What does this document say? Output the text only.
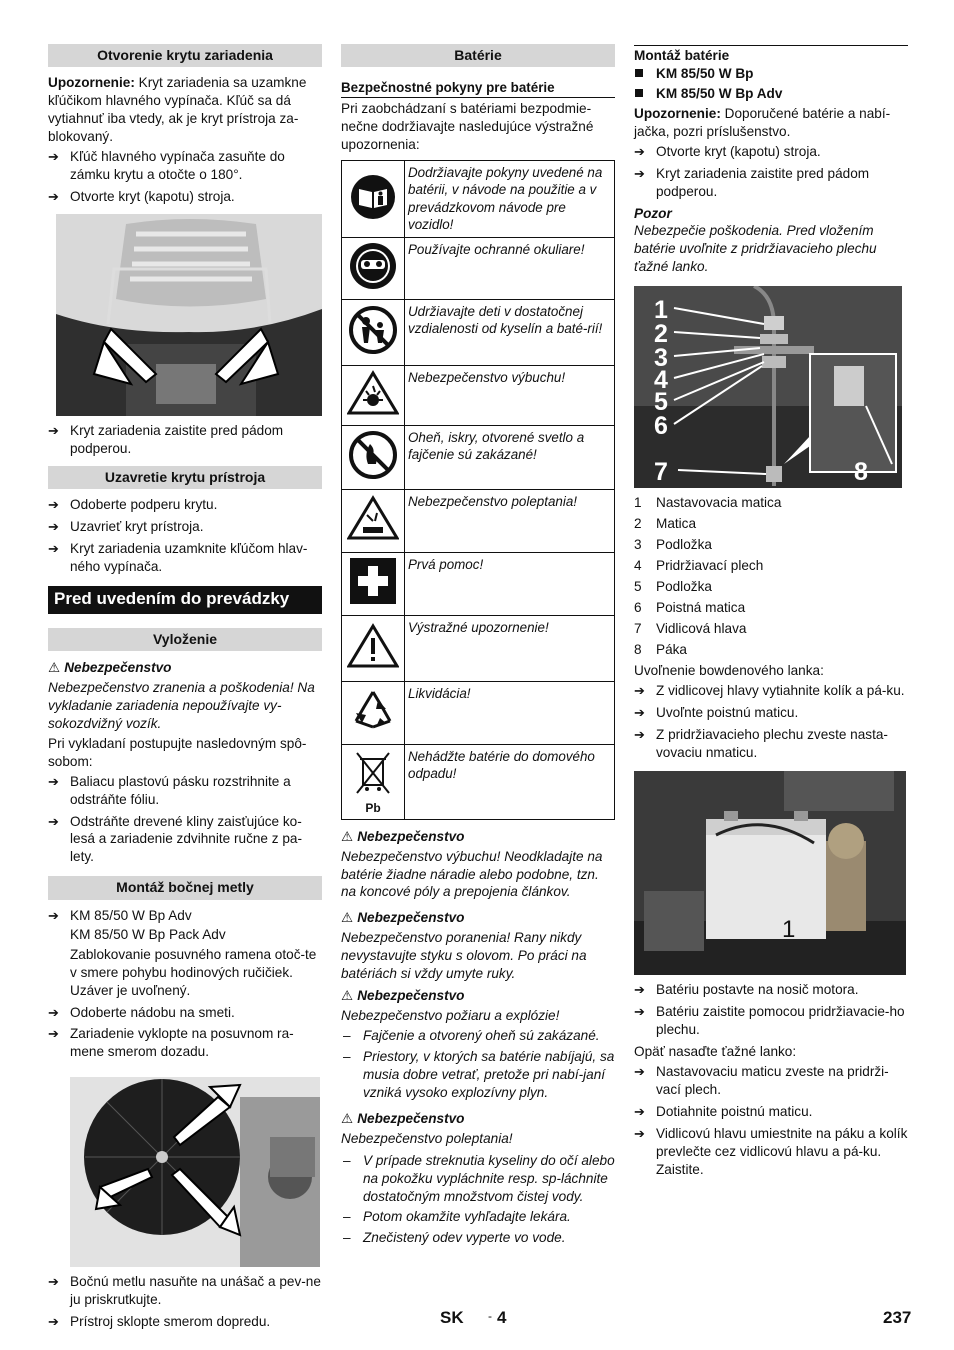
Otvorenie krytu zariadenia

Upozornenie: Kryt zariadenia sa uzamkne kľúčikom hlavného vypínača. Kľúč sa dá vytiahnuť iba vtedy, ak je kryt prístroja za-blokovaný.

➔ Kľúč hlavného vypínača zasuňte do zámku krytu a otočte o 180°.
➔ Otvorte kryt (kapotu) stroja.
➔ Kryt zariadenia zaistite pred pádom podperou.
Uzavretie krytu prístroja
➔ Odoberte podperu krytu.
➔ Uzavrieť kryt prístroja.
➔ Kryt zariadenia uzamknite kľúčom hlav-ného vypínača.
Pred uvedením do prevádzky
Vyloženie
⚠ Nebezpečenstvo

Nebezpečenstvo zranenia a poškodenia! Na vykladanie zariadenia nepoužívajte vy-sokozdvižný vozík.

Pri vykladaní postupujte nasledovným spô-sobom:

➔ Baliacu plastovú pásku rozstrihnite a odstráňte fóliu.
➔ Odstráňte drevené kliny zaisťujúce ko-lesá a zariadenie zdvihnite ručne z pa-lety.
Montáž bočnej metly
➔ KM 85/50 W Bp Adv

KM 85/50 W Bp Pack Adv

Zablokovanie posuvného ramena otoč-te v smere pohybu hodinových ručičiek. Uzáver je uvoľnený.

➔ Odoberte nádobu na smeti.
➔ Zariadenie vyklopte na posuvnom ra-mene smerom dozadu.
➔ Bočnú metlu nasuňte na unášač a pev-ne ju priskrutkujte.
➔ Prístroj sklopte smerom dopredu.
Batérie
Bezpečnostné pokyny pre batérie

Pri zaobchádzaní s batériami bezpodmie-nečne dodržiavajte nasledujúce výstražné upozornenia:

	Dodržiavajte pokyny uvedené na batérii, v návode na použitie a v prevádzkovom návode pre vozidlo!
	Používajte ochranné okuliare!
	Udržiavajte deti v dostatočnej vzdialenosti od kyselín a baté-rií!
	Nebezpečenstvo výbuchu!
	Oheň, iskry, otvorené svetlo a fajčenie sú zakázané!
	Nebezpečenstvo poleptania!
	Prvá pomoc!
	Výstražné upozornenie!
	Likvidácia!

Pb	Nehádžte batérie do domového odpadu!
⚠ Nebezpečenstvo

Nebezpečenstvo výbuchu! Neodkladajte na batérie žiadne náradie alebo podobne, tzn. na koncové póly a prepojenia článkov.

⚠ Nebezpečenstvo

Nebezpečenstvo poranenia! Rany nikdy nevystavujte styku s olovom. Po práci na batériách si vždy umyte ruky.

⚠ Nebezpečenstvo

Nebezpečenstvo požiaru a explózie!

– Fajčenie a otvorený oheň sú zakázané.
– Priestory, v ktorých sa batérie nabíjajú, sa musia dobre vetrať, pretože pri nabí-janí vzniká vysoko explozívny plyn.
⚠ Nebezpečenstvo

Nebezpečenstvo poleptania!

– V prípade streknutia kyseliny do očí alebo na pokožku vypláchnite resp. sp-láchnite dostatočným množstvom čistej vody.
– Potom okamžite vyhľadajte lekára.
– Znečistený odev vyperte vo vode.
Montáž batérie
KM 85/50 W Bp
KM 85/50 W Bp Adv

Upozornenie: Doporučené batérie a nabí-jačka, pozri príslušenstvo.

➔ Otvorte kryt (kapotu) stroja.
➔ Kryt zariadenia zaistite pred pádom podperou.
Pozor

Nebezpečie poškodenia. Pred vložením batérie uvoľnite z pridržiavacieho plechu ťažné lanko.

1
2
3
4
5
6
7	8
1	Nastavovacia matica
2	Matica
3	Podložka
4	Pridržiavací plech
5	Podložka
6	Poistná matica
7	Vidlicová hlava
8	Páka

Uvoľnenie bowdenového lanka:

➔ Z vidlicovej hlavy vytiahnite kolík a pá-ku.
➔ Uvoľnte poistnú maticu.
➔ Z pridržiavacieho plechu zveste nasta-vovaciu nmaticu.
1
➔ Batériu postavte na nosič motora.
➔ Batériu zaistite pomocou pridržiavacie-ho plechu.

Opäť nasaďte ťažné lanko:

➔ Nastavovaciu maticu zveste na pridrži-vací plech.
➔ Dotiahnite poistnú maticu.
➔ Vidlicovú hlavu umiestnite na páku a kolík prevlečte cez vidlicovú hlavu a pá-ku. Zaistite.
SK - 4	237
